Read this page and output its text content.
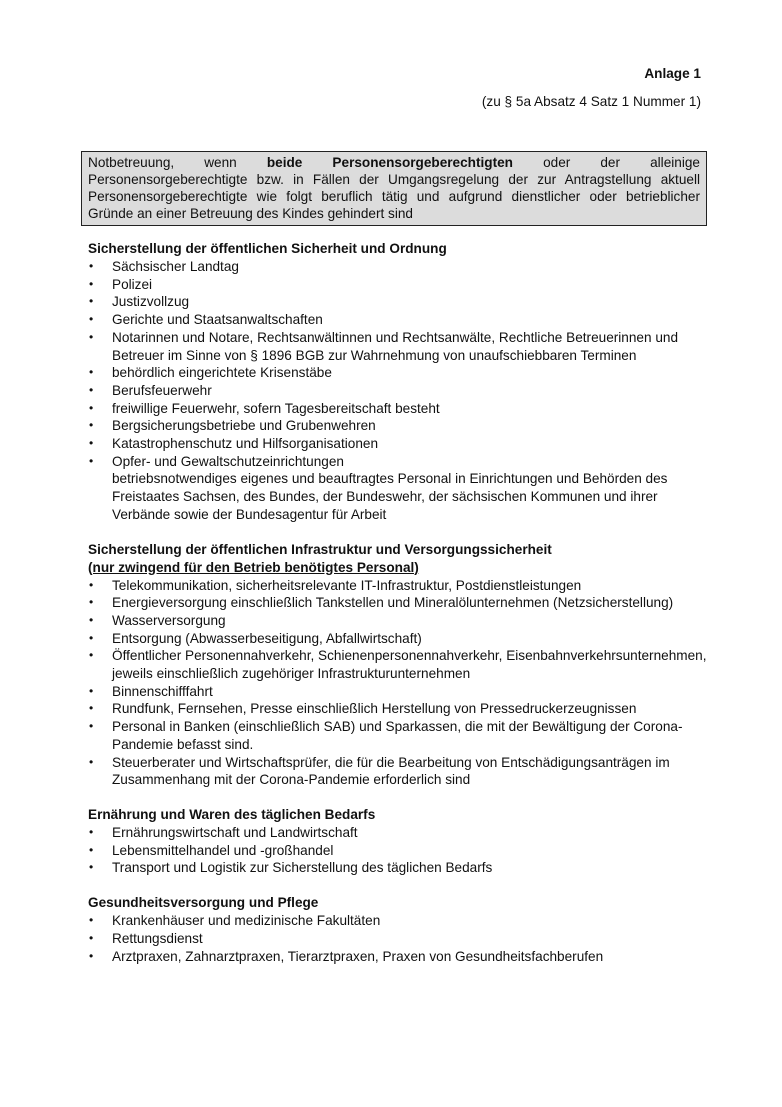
Anlage 1
(zu § 5a Absatz 4 Satz 1 Nummer 1)
Notbetreuung, wenn beide Personensorgeberechtigten oder der alleinige Personensorgeberechtigte bzw. in Fällen der Umgangsregelung der zur Antragstellung aktuell Personensorgeberechtigte wie folgt beruflich tätig und aufgrund dienstlicher oder betrieblicher Gründe an einer Betreuung des Kindes gehindert sind
Sicherstellung der öffentlichen Sicherheit und Ordnung
• Sächsischer Landtag
• Polizei
• Justizvollzug
• Gerichte und Staatsanwaltschaften
• Notarinnen und Notare, Rechtsanwältinnen und Rechtsanwälte, Rechtliche Betreuerinnen und Betreuer im Sinne von § 1896 BGB zur Wahrnehmung von unaufschiebbaren Terminen
• behördlich eingerichtete Krisenstäbe
• Berufsfeuerwehr
• freiwillige Feuerwehr, sofern Tagesbereitschaft besteht
• Bergsicherungsbetriebe und Grubenwehren
• Katastrophenschutz und Hilfsorganisationen
• Opfer- und Gewaltschutzeinrichtungen
betriebsnotwendiges eigenes und beauftragtes Personal in Einrichtungen und Behörden des Freistaates Sachsen, des Bundes, der Bundeswehr, der sächsischen Kommunen und ihrer Verbände sowie der Bundesagentur für Arbeit
Sicherstellung der öffentlichen Infrastruktur und Versorgungssicherheit
(nur zwingend für den Betrieb benötigtes Personal)
• Telekommunikation, sicherheitsrelevante IT-Infrastruktur, Postdienstleistungen
• Energieversorgung einschließlich Tankstellen und Mineralölunternehmen (Netzsicherstellung)
• Wasserversorgung
• Entsorgung (Abwasserbeseitigung, Abfallwirtschaft)
• Öffentlicher Personennahverkehr, Schienenpersonennahverkehr, Eisenbahnverkehrsunternehmen, jeweils einschließlich zugehöriger Infrastrukturunternehmen
• Binnenschifffahrt
• Rundfunk, Fernsehen, Presse einschließlich Herstellung von Pressedruckerzeugnissen
• Personal in Banken (einschließlich SAB) und Sparkassen, die mit der Bewältigung der Corona-Pandemie befasst sind.
• Steuerberater und Wirtschaftsprüfer, die für die Bearbeitung von Entschädigungsanträgen im Zusammenhang mit der Corona-Pandemie erforderlich sind
Ernährung und Waren des täglichen Bedarfs
• Ernährungswirtschaft und Landwirtschaft
• Lebensmittelhandel und -großhandel
• Transport und Logistik zur Sicherstellung des täglichen Bedarfs
Gesundheitsversorgung und Pflege
• Krankenhäuser und medizinische Fakultäten
• Rettungsdienst
• Arztpraxen, Zahnarztpraxen, Tierarztpraxen, Praxen von Gesundheitsfachberufen
